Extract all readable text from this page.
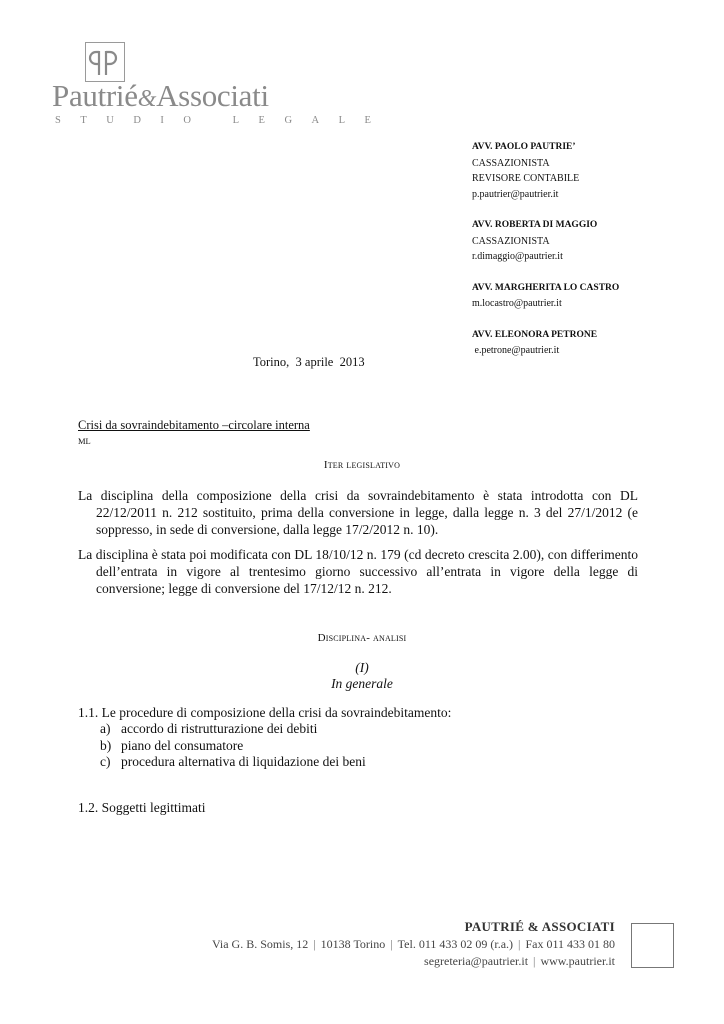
Pautrié&Associati
STUDIO LEGALE
AVV. PAOLO PAUTRIE’
CASSAZIONISTA
REVISORE CONTABILE
p.pautrier@pautrier.it
AVV. ROBERTA DI MAGGIO
CASSAZIONISTA
r.dimaggio@pautrier.it
AVV. MARGHERITA LO CASTRO
m.locastro@pautrier.it
AVV. ELEONORA PETRONE
e.petrone@pautrier.it
Torino,  3 aprile  2013
Crisi da sovraindebitamento –circolare interna
ML
Iter legislativo
La disciplina della composizione della crisi da sovraindebitamento è stata introdotta con DL 22/12/2011 n. 212 sostituito, prima della conversione in legge, dalla legge n. 3 del 27/1/2012 (e soppresso, in sede di conversione, dalla legge 17/2/2012 n. 10).
La disciplina è stata poi modificata con DL 18/10/12 n. 179 (cd decreto crescita 2.00), con differimento dell’entrata in vigore al trentesimo giorno successivo all’entrata in vigore della legge di conversione; legge di conversione del 17/12/12 n. 212.
Disciplina- analisi
(I)
In generale
1.1. Le procedure di composizione della crisi da sovraindebitamento:
a) accordo di ristrutturazione dei debiti
b) piano del consumatore
c) procedura alternativa di liquidazione dei beni
1.2. Soggetti legittimati
PAUTRIÉ & ASSOCIATI
Via G. B. Somis, 12 | 10138 Torino | Tel. 011 433 02 09 (r.a.) | Fax 011 433 01 80
segreteria@pautrier.it | www.pautrier.it
